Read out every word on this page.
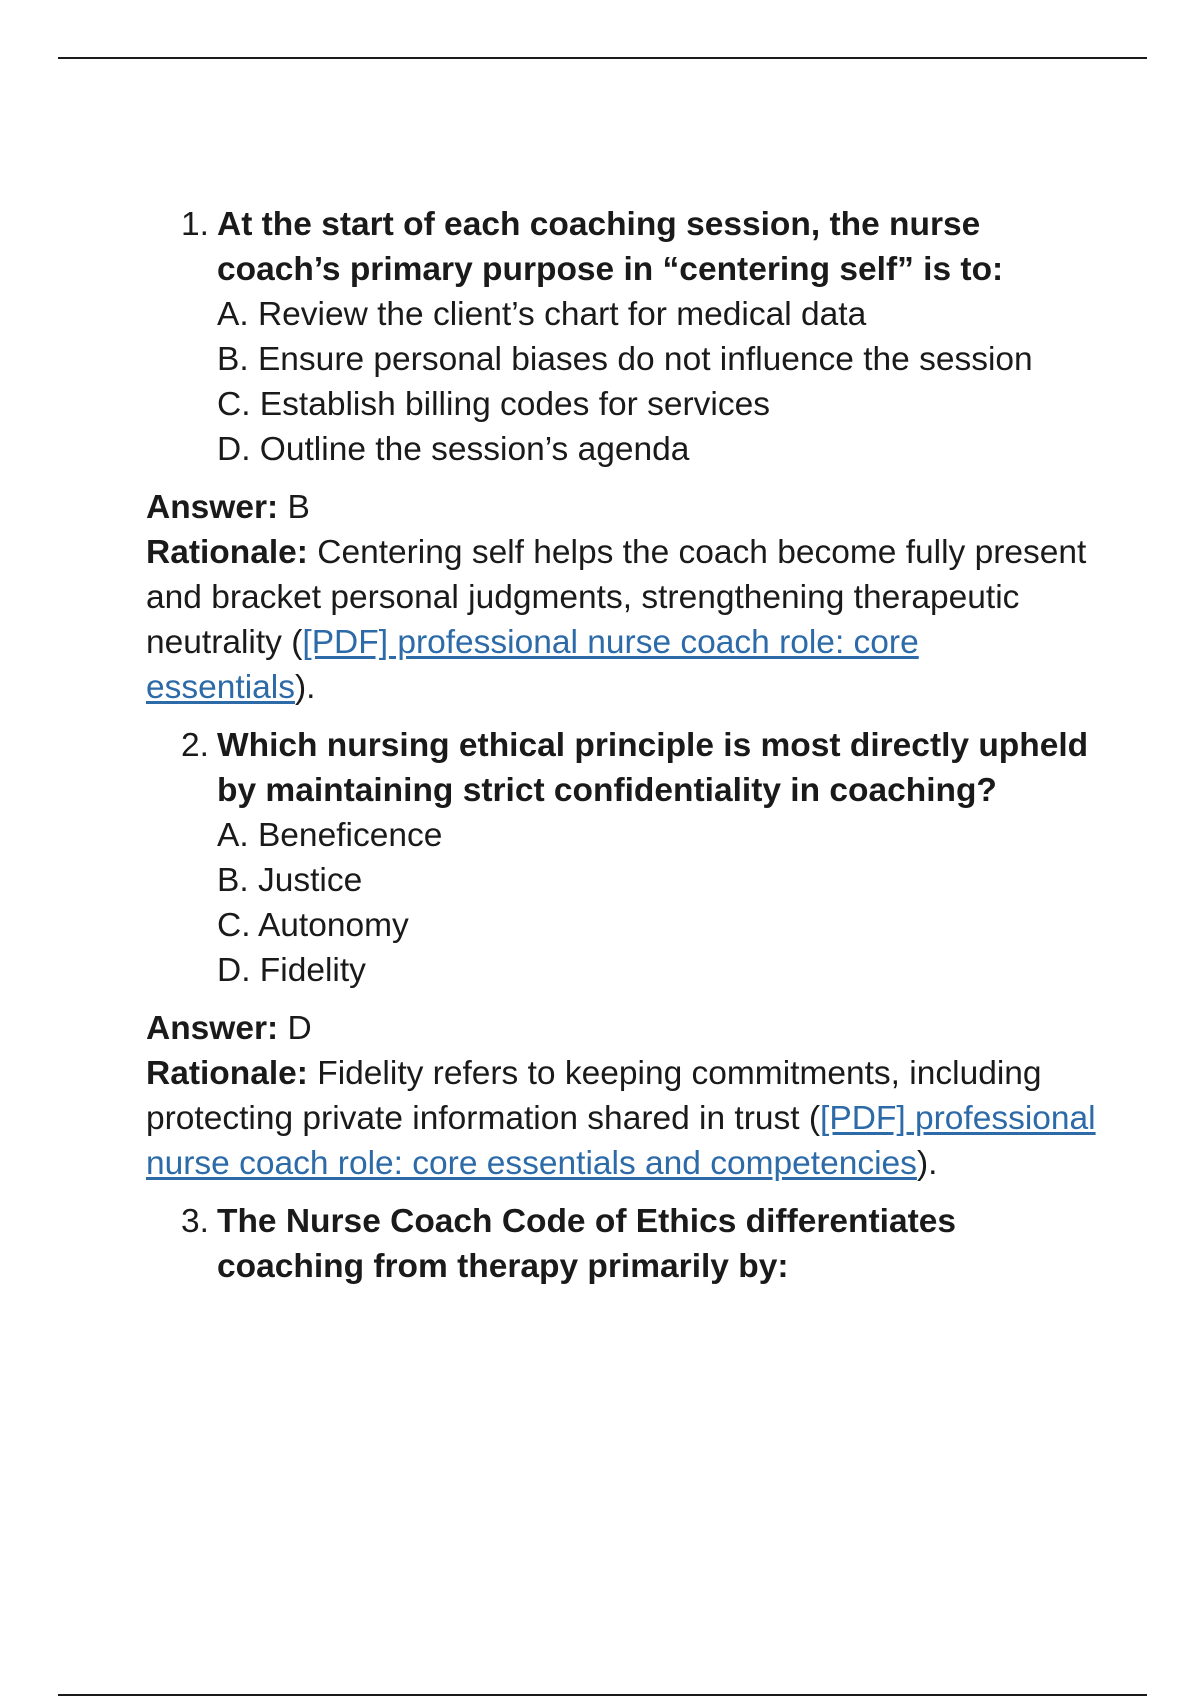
1. At the start of each coaching session, the nurse coach’s primary purpose in “centering self” is to:
A. Review the client’s chart for medical data
B. Ensure personal biases do not influence the session
C. Establish billing codes for services
D. Outline the session’s agenda
Answer: B
Rationale: Centering self helps the coach become fully present and bracket personal judgments, strengthening therapeutic neutrality ([PDF] professional nurse coach role: core essentials).
2. Which nursing ethical principle is most directly upheld by maintaining strict confidentiality in coaching?
A. Beneficence
B. Justice
C. Autonomy
D. Fidelity
Answer: D
Rationale: Fidelity refers to keeping commitments, including protecting private information shared in trust ([PDF] professional nurse coach role: core essentials and competencies).
3. The Nurse Coach Code of Ethics differentiates coaching from therapy primarily by:
